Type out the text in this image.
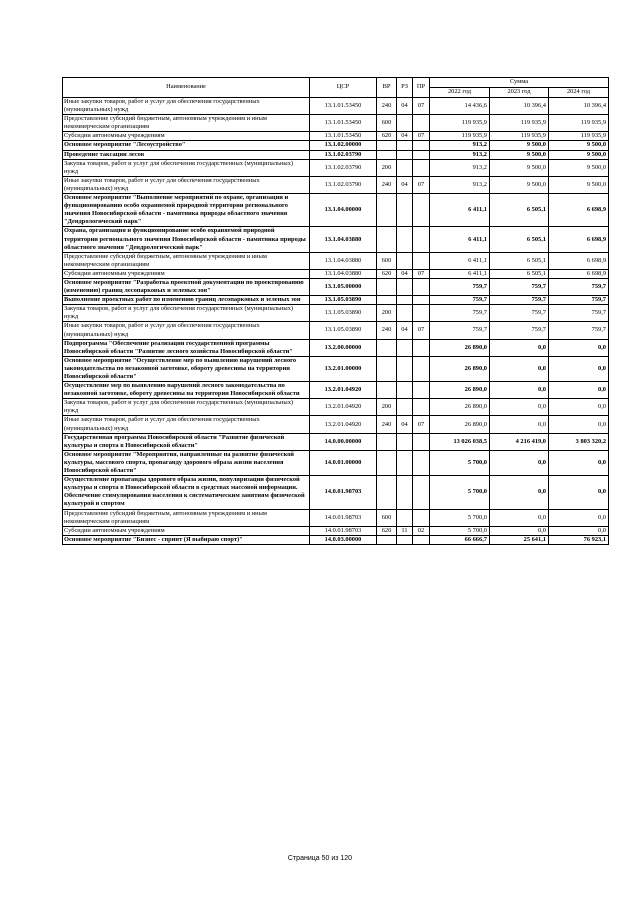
Наименование	ЦСР	ВР	РЗ	ПР	Сумма		
					2022 год	2023 год	2024 год
Иные закупки товаров, работ и услуг для обеспечения государственных (муниципальных) нужд	13.1.01.53450	240	04	07	14 436,6	10 396,4	10 396,4
Предоставление субсидий бюджетным, автономным учреждениям и иным некоммерческим организациям	13.1.01.53450	600			119 935,9	119 935,9	119 935,9
Субсидии автономным учреждениям	13.1.01.53450	620	04	07	119 935,9	119 935,9	119 935,9
Основное мероприятие "Лесоустройство"	13.1.02.00000				913,2	9 500,0	9 500,0
Проведение таксации лесов	13.1.02.03790				913,2	9 500,0	9 500,0
Закупка товаров, работ и услуг для обеспечения государственных (муниципальных) нужд	13.1.02.03790	200			913,2	9 500,0	9 500,0
Иные закупки товаров, работ и услуг для обеспечения государственных (муниципальных) нужд	13.1.02.03790	240	04	07	913,2	9 500,0	9 500,0
Основное мероприятие "Выполнение мероприятий по охране, организации и функционированию особо охраняемой природной территории регионального значения Новосибирской области - памятника природы областного значения "Дендрологический парк"	13.1.04.00000				6 411,1	6 505,1	6 698,9
Охрана, организация и функционирование особо охраняемой природной территории регионального значения Новосибирской области - памятника природы областного значения "Дендрологический парк"	13.1.04.03880				6 411,1	6 505,1	6 698,9
Предоставление субсидий бюджетным, автономным учреждениям и иным некоммерческим организациям	13.1.04.03880	600			6 411,1	6 505,1	6 698,9
Субсидии автономным учреждениям	13.1.04.03880	620	04	07	6 411,1	6 505,1	6 698,9
Основное мероприятие "Разработка проектной документации по проектированию (изменению) границ лесопарковых и зеленых зон"	13.1.05.00000				759,7	759,7	759,7
Выполнение проектных работ по изменению границ лесопарковых и зеленых зон	13.1.05.03890				759,7	759,7	759,7
Закупка товаров, работ и услуг для обеспечения государственных (муниципальных) нужд	13.1.05.03890	200			759,7	759,7	759,7
Иные закупки товаров, работ и услуг для обеспечения государственных (муниципальных) нужд	13.1.05.03890	240	04	07	759,7	759,7	759,7
Подпрограмма "Обеспечение реализации государственной программы Новосибирской области "Развитие лесного хозяйства Новосибирской области"	13.2.00.00000				26 890,0	0,0	0,0
Основное мероприятие "Осуществление мер по выявлению нарушений лесного законодательства по незаконной заготовке, обороту древесины на территории Новосибирской области"	13.2.01.00000				26 890,0	0,0	0,0
Осуществление мер по выявлению нарушений лесного законодательства по незаконной заготовке, обороту древесины на территории Новосибирской области	13.2.01.04920				26 890,0	0,0	0,0
Закупка товаров, работ и услуг для обеспечения государственных (муниципальных) нужд	13.2.01.04920	200			26 890,0	0,0	0,0
Иные закупки товаров, работ и услуг для обеспечения государственных (муниципальных) нужд	13.2.01.04920	240	04	07	26 890,0	0,0	0,0
Государственная программа Новосибирской области "Развитие физической культуры и спорта в Новосибирской области"	14.0.00.00000				13 026 038,5	4 216 419,0	3 803 320,2
Основное мероприятие "Мероприятия, направленные на развитие физической культуры, массового спорта, пропаганду здорового образа жизни населения Новосибирской области"	14.0.01.00000				5 700,0	0,0	0,0
Осуществление пропаганды здорового образа жизни, популяризации физической культуры и спорта в Новосибирской области в средствах массовой информации. Обеспечение стимулирования населения к систематическим занятиям физической культурой и спортом	14.0.01.98703				5 700,0	0,0	0,0
Предоставление субсидий бюджетным, автономным учреждениям и иным некоммерческим организациям	14.0.01.98703	600			5 700,0	0,0	0,0
Субсидии автономным учреждениям	14.0.01.98703	620	11	02	5 700,0	0,0	0,0
Основное мероприятие "Бизнес - спринт (Я выбираю спорт)"	14.0.03.00000				66 666,7	25 641,1	76 923,1
Страница 50 из 120
